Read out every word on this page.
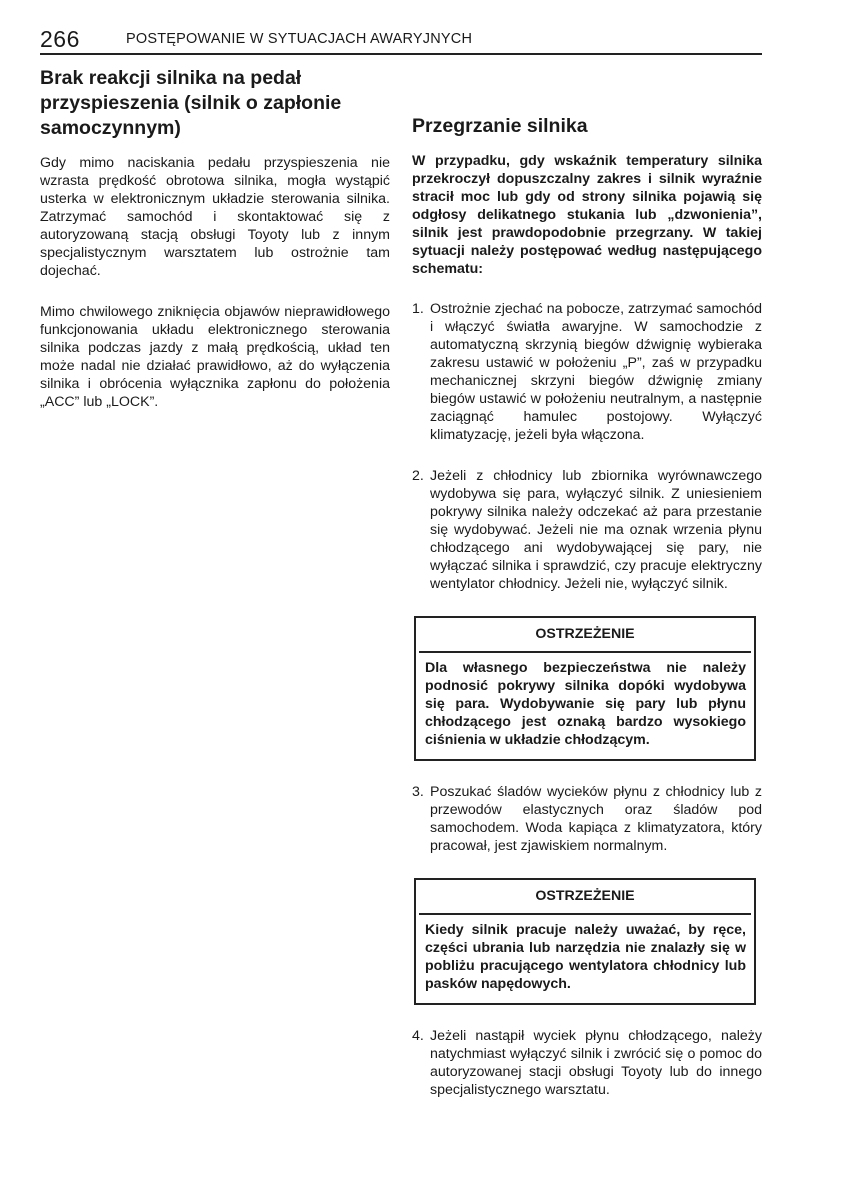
266	POSTĘPOWANIE W SYTUACJACH AWARYJNYCH
Brak reakcji silnika na pedał przyspieszenia (silnik o zapłonie samoczynnym)

Gdy mimo naciskania pedału przyspieszenia nie wzrasta prędkość obrotowa silnika, mogła wystąpić usterka w elektronicznym układzie sterowania silnika. Zatrzymać samochód i skontaktować się z autoryzowaną stacją obsługi Toyoty lub z innym specjalistycznym warsztatem lub ostrożnie tam dojechać.

Mimo chwilowego zniknięcia objawów nieprawidłowego funkcjonowania układu elektronicznego sterowania silnika podczas jazdy z małą prędkością, układ ten może nadal nie działać prawidłowo, aż do wyłączenia silnika i obrócenia wyłącznika zapłonu do położenia „ACC” lub „LOCK”.

Przegrzanie silnika
W przypadku, gdy wskaźnik temperatury silnika przekroczył dopuszczalny zakres i silnik wyraźnie stracił moc lub gdy od strony silnika pojawią się odgłosy delikatnego stukania lub „dzwonienia”, silnik jest prawdopodobnie przegrzany. W takiej sytuacji należy postępować według następującego schematu:
1. Ostrożnie zjechać na pobocze, zatrzymać samochód i włączyć światła awaryjne. W samochodzie z automatyczną skrzynią biegów dźwignię wybieraka zakresu ustawić w położeniu „P”, zaś w przypadku mechanicznej skrzyni biegów dźwignię zmiany biegów ustawić w położeniu neutralnym, a następnie zaciągnąć hamulec postojowy. Wyłączyć klimatyzację, jeżeli była włączona.
2. Jeżeli z chłodnicy lub zbiornika wyrównawczego wydobywa się para, wyłączyć silnik. Z uniesieniem pokrywy silnika należy odczekać aż para przestanie się wydobywać. Jeżeli nie ma oznak wrzenia płynu chłodzącego ani wydobywającej się pary, nie wyłączać silnika i sprawdzić, czy pracuje elektryczny wentylator chłodnicy. Jeżeli nie, wyłączyć silnik.
OSTRZEŻENIE
Dla własnego bezpieczeństwa nie należy podnosić pokrywy silnika dopóki wydobywa się para. Wydobywanie się pary lub płynu chłodzącego jest oznaką bardzo wysokiego ciśnienia w układzie chłodzącym.
3. Poszukać śladów wycieków płynu z chłodnicy lub z przewodów elastycznych oraz śladów pod samochodem. Woda kapiąca z klimatyzatora, który pracował, jest zjawiskiem normalnym.
OSTRZEŻENIE
Kiedy silnik pracuje należy uważać, by ręce, części ubrania lub narzędzia nie znalazły się w pobliżu pracującego wentylatora chłodnicy lub pasków napędowych.
4. Jeżeli nastąpił wyciek płynu chłodzącego, należy natychmiast wyłączyć silnik i zwrócić się o pomoc do autoryzowanej stacji obsługi Toyoty lub do innego specjalistycznego warsztatu.
